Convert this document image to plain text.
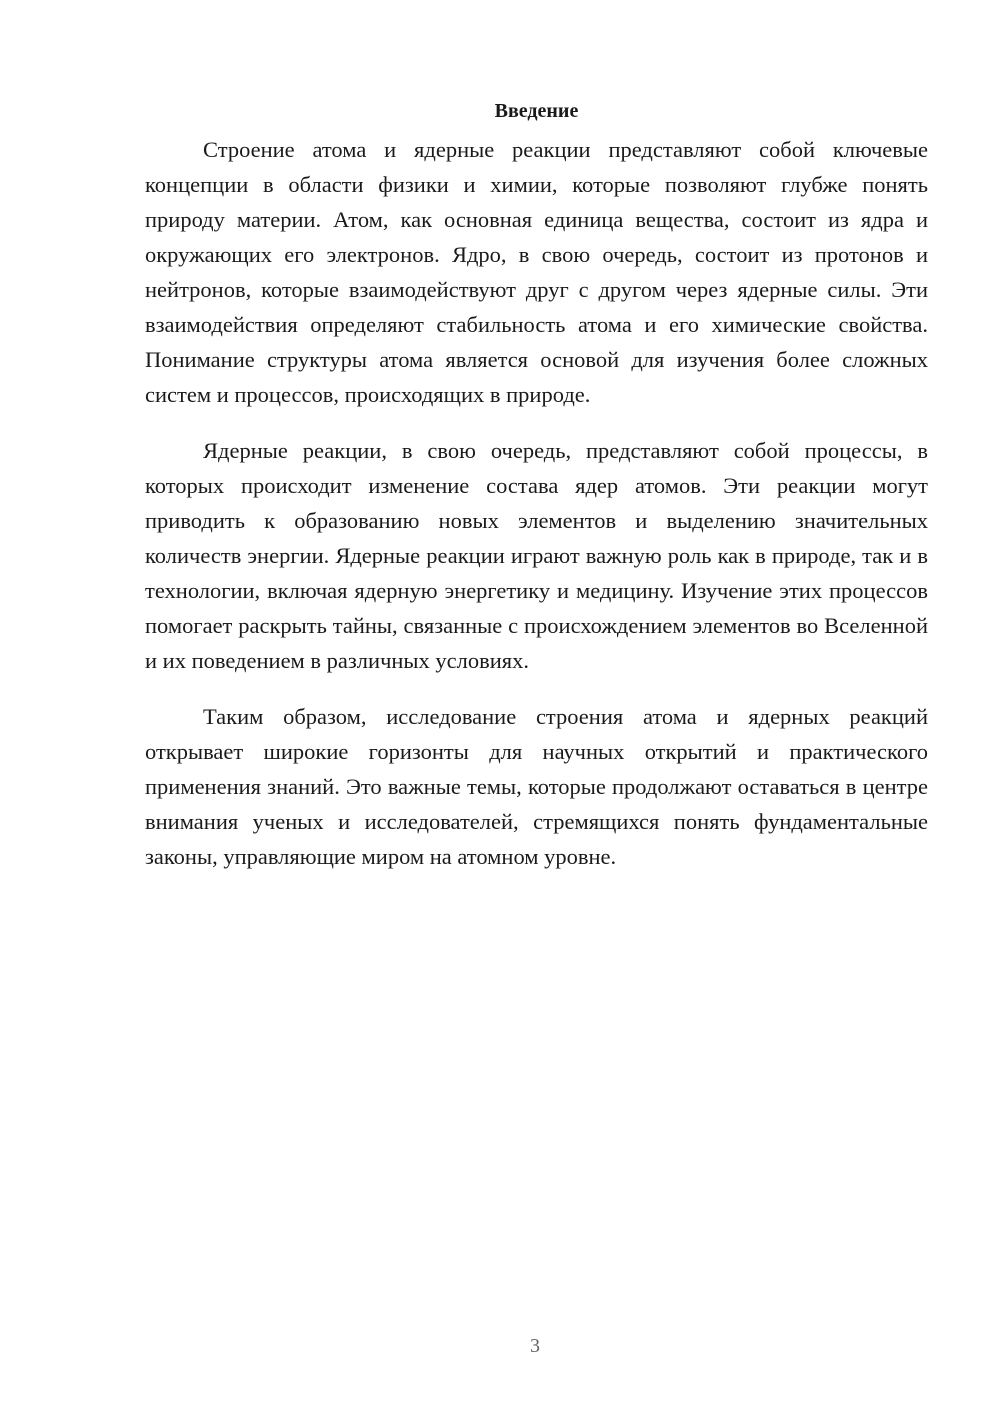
Введение

Строение атома и ядерные реакции представляют собой ключевые концепции в области физики и химии, которые позволяют глубже понять природу материи. Атом, как основная единица вещества, состоит из ядра и окружающих его электронов. Ядро, в свою очередь, состоит из протонов и нейтронов, которые взаимодействуют друг с другом через ядерные силы. Эти взаимодействия определяют стабильность атома и его химические свойства. Понимание структуры атома является основой для изучения более сложных систем и процессов, происходящих в природе.

Ядерные реакции, в свою очередь, представляют собой процессы, в которых происходит изменение состава ядер атомов. Эти реакции могут приводить к образованию новых элементов и выделению значительных количеств энергии. Ядерные реакции играют важную роль как в природе, так и в технологии, включая ядерную энергетику и медицину. Изучение этих процессов помогает раскрыть тайны, связанные с происхождением элементов во Вселенной и их поведением в различных условиях.

Таким образом, исследование строения атома и ядерных реакций открывает широкие горизонты для научных открытий и практического применения знаний. Это важные темы, которые продолжают оставаться в центре внимания ученых и исследователей, стремящихся понять фундаментальные законы, управляющие миром на атомном уровне.

3
